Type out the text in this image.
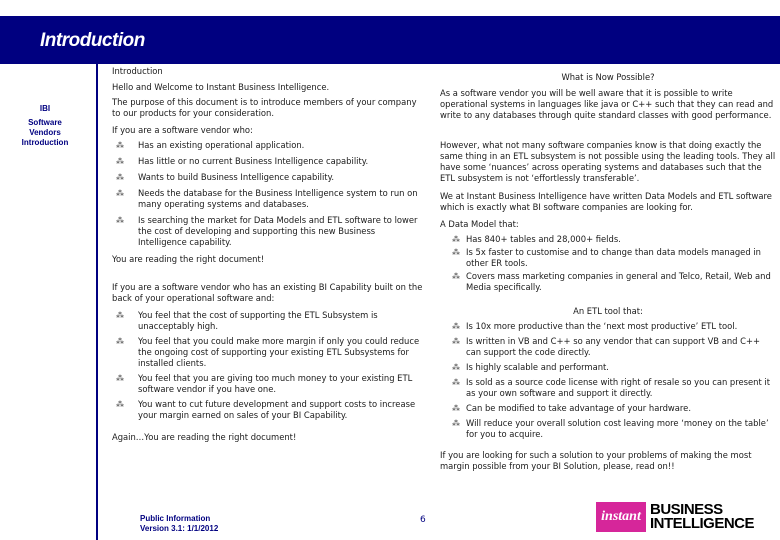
Introduction
IBI
Software
Vendors
Introduction
Introduction
Hello and Welcome to Instant Business Intelligence.
The purpose of this document is to introduce members of your company to our products for your consideration.
If you are a software vendor who:
⁂ Has an existing operational application.
⁂ Has little or no current Business Intelligence capability.
⁂ Wants to build Business Intelligence capability.
⁂ Needs the database for the Business Intelligence system to run on many operating systems and databases.
⁂ Is searching the market for Data Models and ETL software to lower the cost of developing and supporting this new Business Intelligence capability.
You are reading the right document!
If you are a software vendor who has an existing BI Capability built on the back of your operational software and:
⁂ You feel that the cost of supporting the ETL Subsystem is unacceptably high.
⁂ You feel that you could make more margin if only you could reduce the ongoing cost of supporting your existing ETL Subsystems for installed clients.
⁂ You feel that you are giving too much money to your existing ETL software vendor if you have one.
⁂ You want to cut future development and support costs to increase your margin earned on sales of your BI Capability.
Again…You are reading the right document!
What is Now Possible?
As a software vendor you will be well aware that it is possible to write operational systems in languages like java or C++ such that they can read and write to any databases through quite standard classes with good performance.
However, what not many software companies know is that doing exactly the same thing in an ETL subsystem is not possible using the leading tools. They all have some ‘nuances’ across operating systems and databases such that the ETL subsystem is not ‘effortlessly transferable’.
We at Instant Business Intelligence have written Data Models and ETL software which is exactly what BI software companies are looking for.
A Data Model that:
⁂ Has 840+ tables and 28,000+ fields.
⁂ Is 5x faster to customise and to change than data models managed in other ER tools.
⁂ Covers mass marketing companies in general and Telco, Retail, Web and Media specifically.
An ETL tool that:
⁂ Is 10x more productive than the ‘next most productive’ ETL tool.
⁂ Is written in VB and C++ so any vendor that can support VB and C++ can support the code directly.
⁂ Is highly scalable and performant.
⁂ Is sold as a source code license with right of resale so you can present it as your own software and support it directly.
⁂ Can be modified to take advantage of your hardware.
⁂ Will reduce your overall solution cost leaving more ‘money on the table’ for you to acquire.
If you are looking for such a solution to your problems of making the most margin possible from your BI Solution, please, read on!!
Public Information
Version 3.1: 1/1/2012
6	instant BUSINESS
INTELLIGENCE
